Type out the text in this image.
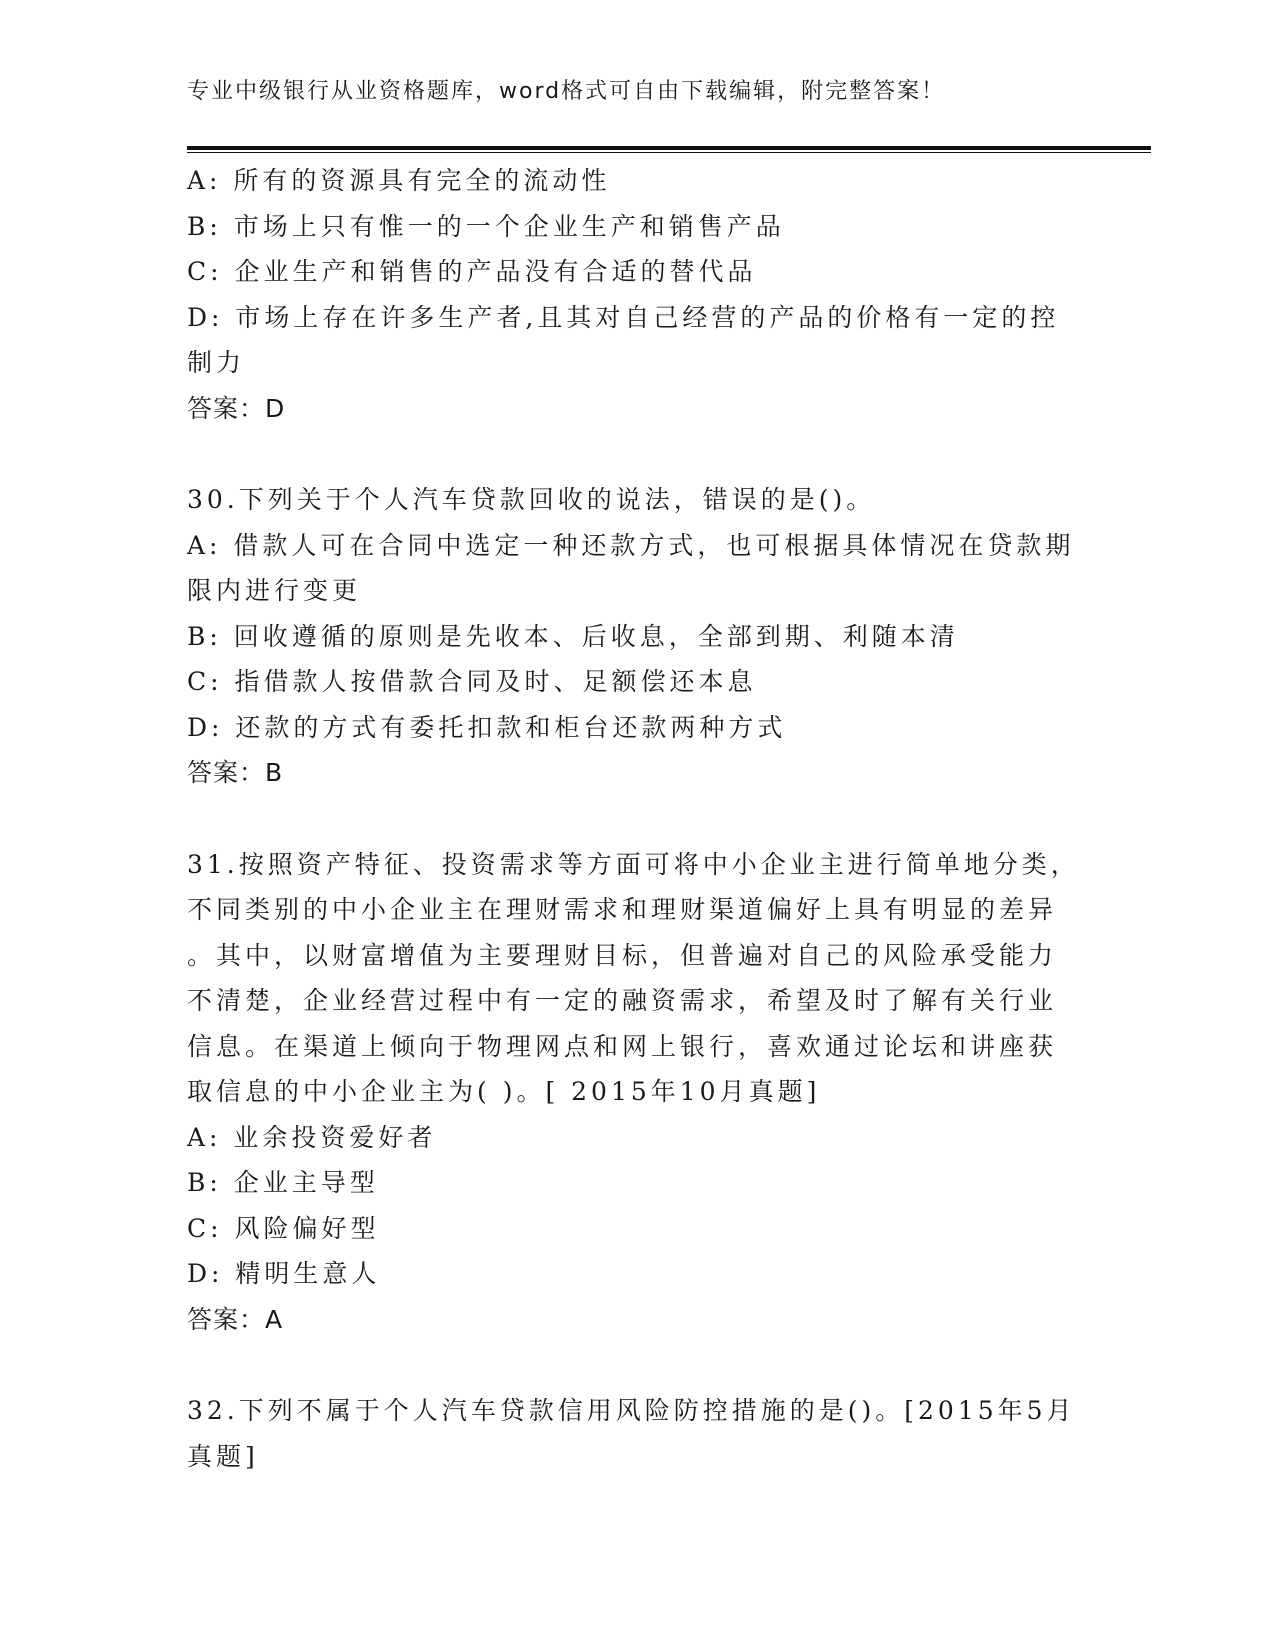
专业中级银行从业资格题库，word格式可自由下载编辑，附完整答案！
A: 所有的资源具有完全的流动性
B: 市场上只有惟一的一个企业生产和销售产品
C: 企业生产和销售的产品没有合适的替代品
D: 市场上存在许多生产者,且其对自己经营的产品的价格有一定的控
制力
答案：D
30.下列关于个人汽车贷款回收的说法，错误的是()。
A: 借款人可在合同中选定一种还款方式，也可根据具体情况在贷款期
限内进行变更
B: 回收遵循的原则是先收本、后收息，全部到期、利随本清
C: 指借款人按借款合同及时、足额偿还本息
D: 还款的方式有委托扣款和柜台还款两种方式
答案：B
31.按照资产特征、投资需求等方面可将中小企业主进行简单地分类，
不同类别的中小企业主在理财需求和理财渠道偏好上具有明显的差异
。其中，以财富增值为主要理财目标，但普遍对自己的风险承受能力
不清楚，企业经营过程中有一定的融资需求，希望及时了解有关行业
信息。在渠道上倾向于物理网点和网上银行，喜欢通过论坛和讲座获
取信息的中小企业主为( )。[ 2015年10月真题]
A: 业余投资爱好者
B: 企业主导型
C: 风险偏好型
D: 精明生意人
答案：A
32.下列不属于个人汽车贷款信用风险防控措施的是()。[2015年5月
真题]
